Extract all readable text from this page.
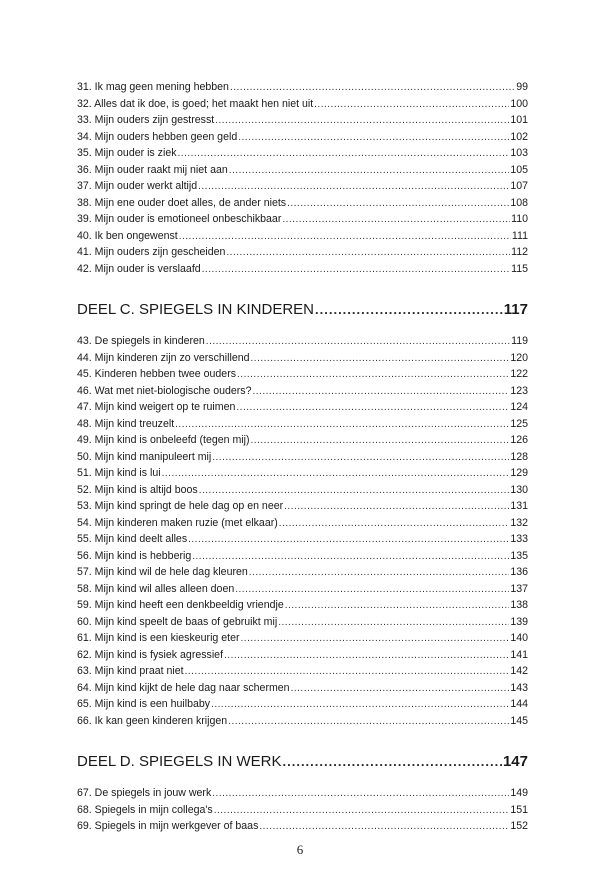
31. Ik mag geen mening hebben .....	99
32. Alles dat ik doe, is goed; het maakt hen niet uit .....	100
33. Mijn ouders zijn gestresst .....	101
34. Mijn ouders hebben geen geld .....	102
35. Mijn ouder is ziek .....	103
36. Mijn ouder raakt mij niet aan .....	105
37. Mijn ouder werkt altijd .....	107
38. Mijn ene ouder doet alles, de ander niets .....	108
39. Mijn ouder is emotioneel onbeschikbaar .....	110
40. Ik ben ongewenst .....	111
41. Mijn ouders zijn gescheiden .....	112
42. Mijn ouder is verslaafd .....	115
DEEL C. SPIEGELS IN KINDEREN .....	117
43. De spiegels in kinderen .....	119
44. Mijn kinderen zijn zo verschillend .....	120
45. Kinderen hebben twee ouders .....	122
46. Wat met niet-biologische ouders? .....	123
47. Mijn kind weigert op te ruimen .....	124
48. Mijn kind treuzelt .....	125
49. Mijn kind is onbeleefd (tegen mij) .....	126
50. Mijn kind manipuleert mij .....	128
51. Mijn kind is lui .....	129
52. Mijn kind is altijd boos .....	130
53. Mijn kind springt de hele dag op en neer .....	131
54. Mijn kinderen maken ruzie (met elkaar) .....	132
55. Mijn kind deelt alles .....	133
56. Mijn kind is hebberig .....	135
57. Mijn kind wil de hele dag kleuren .....	136
58. Mijn kind wil alles alleen doen .....	137
59. Mijn kind heeft een denkbeeldig vriendje .....	138
60. Mijn kind speelt de baas of gebruikt mij .....	139
61. Mijn kind is een kieskeurig eter .....	140
62. Mijn kind is fysiek agressief .....	141
63. Mijn kind praat niet .....	142
64. Mijn kind kijkt de hele dag naar schermen .....	143
65. Mijn kind is een huilbaby .....	144
66. Ik kan geen kinderen krijgen .....	145
DEEL D. SPIEGELS IN WERK .....	147
67. De spiegels in jouw werk .....	149
68. Spiegels in mijn collega's .....	151
69. Spiegels in mijn werkgever of baas .....	152
6
